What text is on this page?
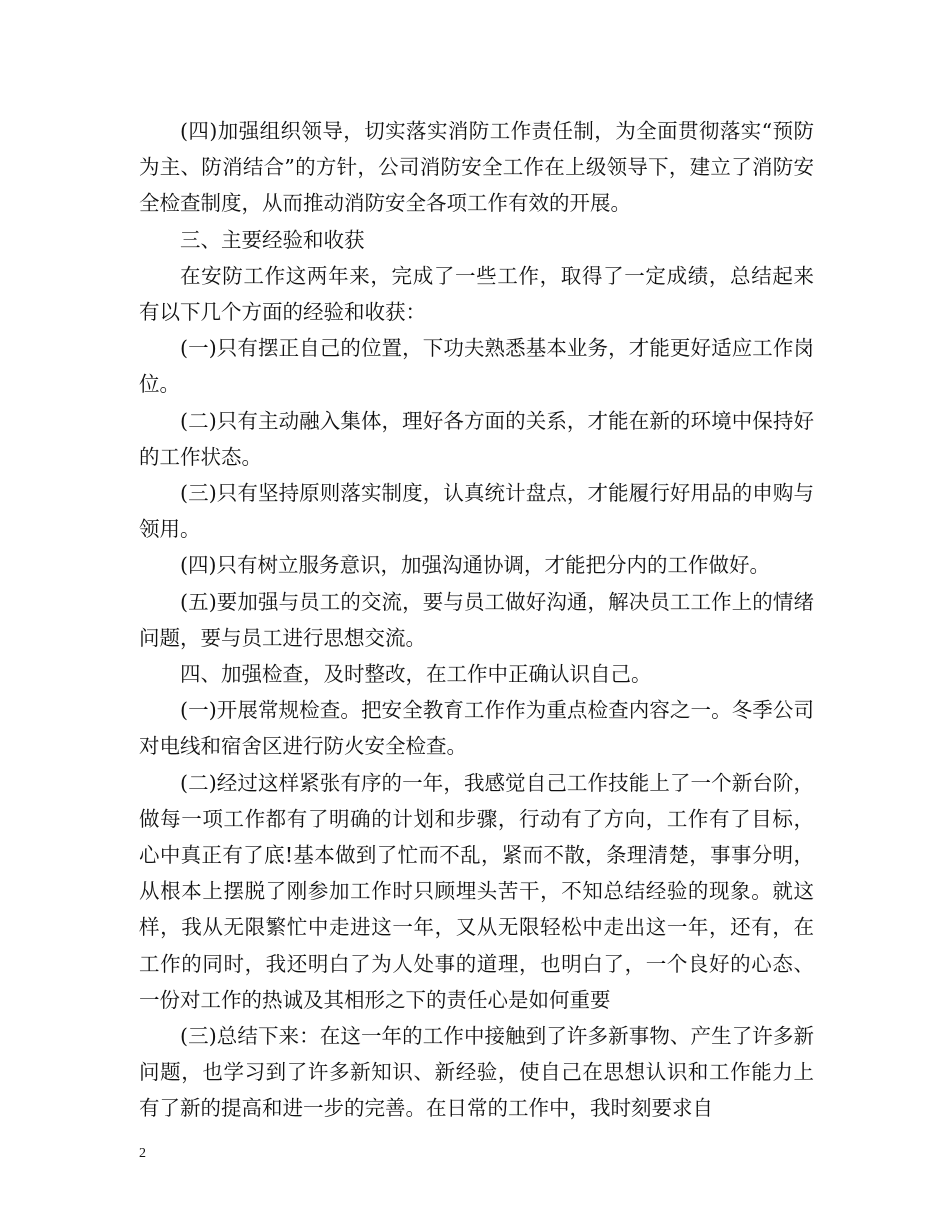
(四)加强组织领导，切实落实消防工作责任制，为全面贯彻落实“预防为主、防消结合”的方针，公司消防安全工作在上级领导下，建立了消防安全检查制度，从而推动消防安全各项工作有效的开展。

三、主要经验和收获

在安防工作这两年来，完成了一些工作，取得了一定成绩，总结起来有以下几个方面的经验和收获：

(一)只有摆正自己的位置，下功夫熟悉基本业务，才能更好适应工作岗位。

(二)只有主动融入集体，理好各方面的关系，才能在新的环境中保持好的工作状态。

(三)只有坚持原则落实制度，认真统计盘点，才能履行好用品的申购与领用。

(四)只有树立服务意识，加强沟通协调，才能把分内的工作做好。

(五)要加强与员工的交流，要与员工做好沟通，解决员工工作上的情绪问题，要与员工进行思想交流。

四、加强检查，及时整改，在工作中正确认识自己。

(一)开展常规检查。把安全教育工作作为重点检查内容之一。冬季公司对电线和宿舍区进行防火安全检查。

(二)经过这样紧张有序的一年，我感觉自己工作技能上了一个新台阶，做每一项工作都有了明确的计划和步骤，行动有了方向，工作有了目标，心中真正有了底!基本做到了忙而不乱，紧而不散，条理清楚，事事分明，从根本上摆脱了刚参加工作时只顾埋头苦干，不知总结经验的现象。就这样，我从无限繁忙中走进这一年，又从无限轻松中走出这一年，还有，在工作的同时，我还明白了为人处事的道理，也明白了，一个良好的心态、一份对工作的热诚及其相形之下的责任心是如何重要

(三)总结下来：在这一年的工作中接触到了许多新事物、产生了许多新问题，也学习到了许多新知识、新经验，使自己在思想认识和工作能力上有了新的提高和进一步的完善。在日常的工作中，我时刻要求自

2
